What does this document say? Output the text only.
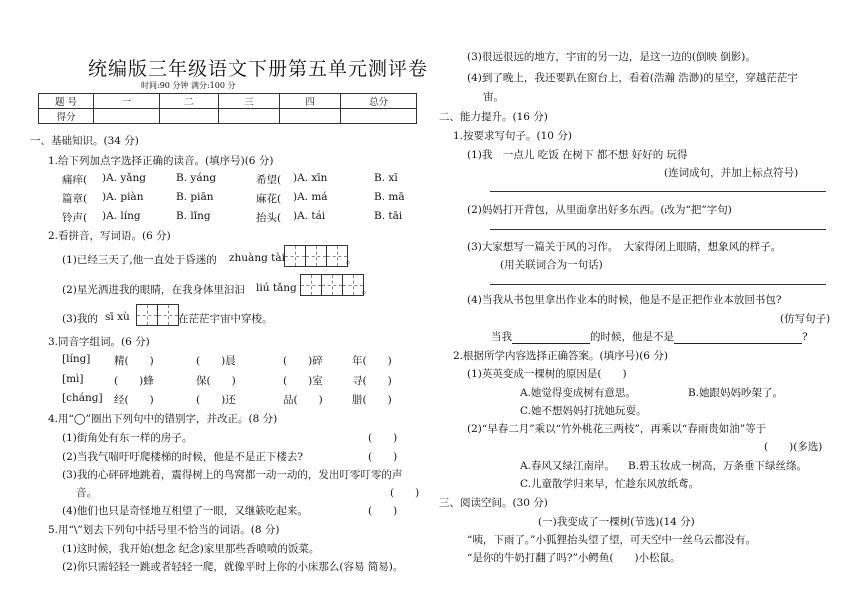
统编版三年级语文下册第五单元测评卷
时间:90 分钟 满分:100 分
题 号	一	二	三	四	总分
得分					
一、基础知识。(34 分)
1.给下列加点字选择正确的读音。(填序号)(6 分)
痛痒( )A. yǎng	B. yáng	希望( )A. xīn	B. xī
篇章( )A. piàn	B. piān	麻花( )A. má	B. mā
铃声( )A. líng	B. lǐng	抬头( )A. tái	B. tāi
2.看拼音，写词语。(6 分)
(1)已经三天了,他一直处于昏迷的 zhuàng tài	。
(2)星光洒进我的眼睛，在我身体里汩汩 liú tǎng	。
(3)我的 sī xù	在茫茫宇宙中穿梭。
3.同音字组词。(6 分)
[líng] 精(　　)	(　　)晨	(　　)碎	年(　　)
[mì]	(　　)蜂	保(　　)	(　　)室	寻(　　)
[chánɡ] 经(　　)	(　　)还	品(　　)	腊(　　)
4.用“◯”圈出下列句中的错别字，并改正。(8 分)
(1)街角处有东一样的房子。	(　　)
(2)当我气喘吁吁爬楼梯的时候，他是不是正下楼去?	(　　)
(3)我的心砰砰地跳着，震得树上的鸟窝都一动一动的，发出叮零叮零的声
音。	(　　)
(4)他们也只是奇怪地互相望了一眼，又继簌吃起来。	(　　)
5.用“\”划去下列句中括号里不恰当的词语。(8 分)
(1)这时候，我开始(想念 纪念)家里那些香喷喷的饭菜。
(2)你只需轻轻一跳或者轻轻一爬，就像平时上你的小床那么(容易 简易)。
(3)很远很远的地方，宇宙的另一边，是这一边的(倒映 倒影)。
(4)到了晚上，我还要趴在窗台上，看着(浩瀚 浩渺)的星空，穿越茫茫宇
宙。
二、能力提升。(16 分)
1.按要求写句子。(10 分)
(1)我　一点儿 吃饭 在树下 都不想 好好的 玩得
(连词成句，并加上标点符号)
(2)妈妈打开背包，从里面拿出好多东西。(改为“把”字句)
(3)大家想写一篇关于风的习作。　大家得闭上眼睛，想象风的样子。
(用关联词合为一句话)
(4)当我从书包里拿出作业本的时候，他是不是正把作业本放回书包?
(仿写句子)
当我	的时候，他是不是	?
2.根据所学内容选择正确答案。(填序号)(6 分)
(1)英英变成一棵树的原因是(　　)
A.她觉得变成树有意思。	B.她跟妈妈吵架了。
C.她不想妈妈打扰她玩耍。
(2)“早春二月”乘以“竹外桃花三两枝”，再乘以“春雨贵如油”等于
(　　)(多选)
A.春风又绿江南岸。 B.碧玉妆成一树高，万条垂下绿丝绦。
C.儿童散学归来早，忙趁东风放纸鸢。
三、阅读空间。(30 分)
(一)我变成了一棵树(节选)(14 分)
“咦，下雨了。”小狐狸抬头望了望，可天空中一丝乌云都没有。
“是你的牛奶打翻了吗?”小鳄鱼(　　)小松鼠。
